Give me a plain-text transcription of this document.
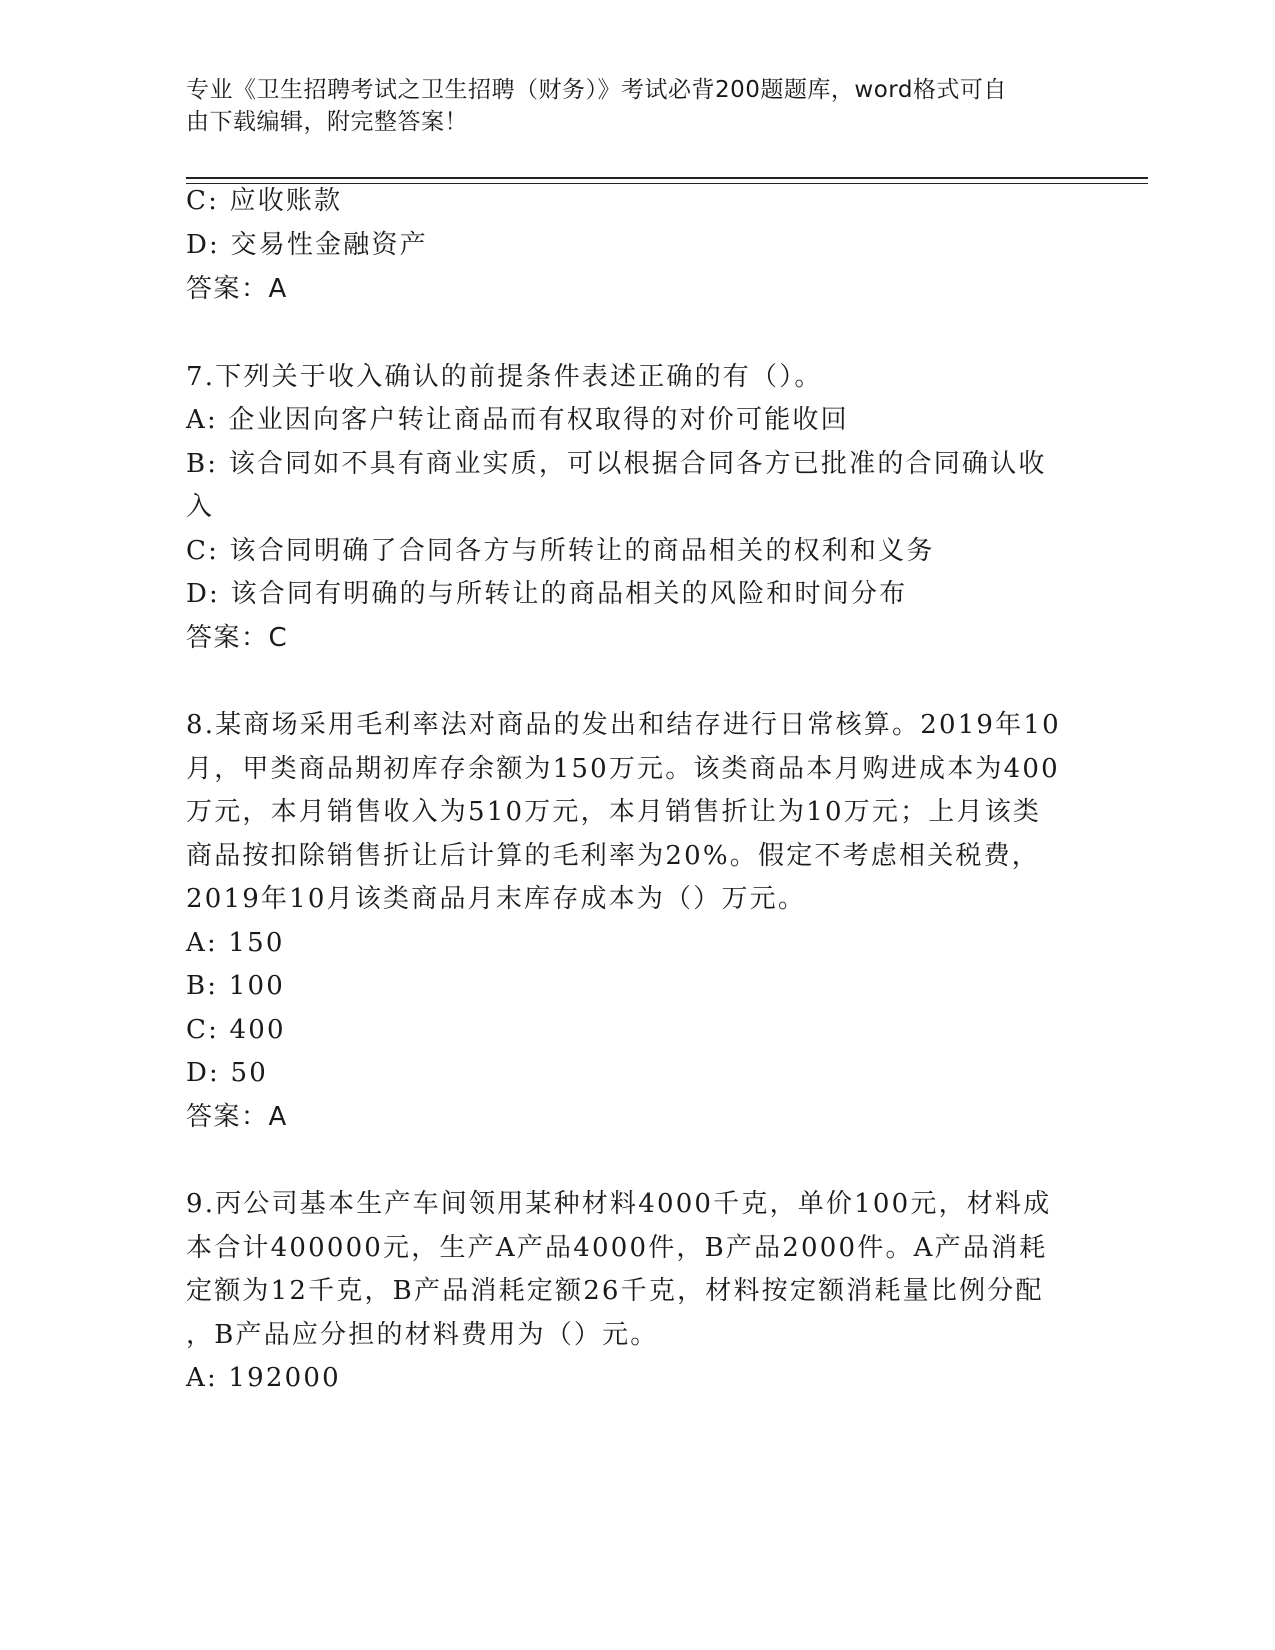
专业《卫生招聘考试之卫生招聘（财务）》考试必背200题题库，word格式可自
由下载编辑，附完整答案！
C: 应收账款
D: 交易性金融资产
答案：A
7.下列关于收入确认的前提条件表述正确的有（）。
A: 企业因向客户转让商品而有权取得的对价可能收回
B: 该合同如不具有商业实质，可以根据合同各方已批准的合同确认收
入
C: 该合同明确了合同各方与所转让的商品相关的权利和义务
D: 该合同有明确的与所转让的商品相关的风险和时间分布
答案：C
8.某商场采用毛利率法对商品的发出和结存进行日常核算。2019年10
月，甲类商品期初库存余额为150万元。该类商品本月购进成本为400
万元，本月销售收入为510万元，本月销售折让为10万元；上月该类
商品按扣除销售折让后计算的毛利率为20%。假定不考虑相关税费，
2019年10月该类商品月末库存成本为（）万元。
A: 150
B: 100
C: 400
D: 50
答案：A
9.丙公司基本生产车间领用某种材料4000千克，单价100元，材料成
本合计400000元，生产A产品4000件，B产品2000件。A产品消耗
定额为12千克，B产品消耗定额26千克，材料按定额消耗量比例分配
，B产品应分担的材料费用为（）元。
A: 192000
